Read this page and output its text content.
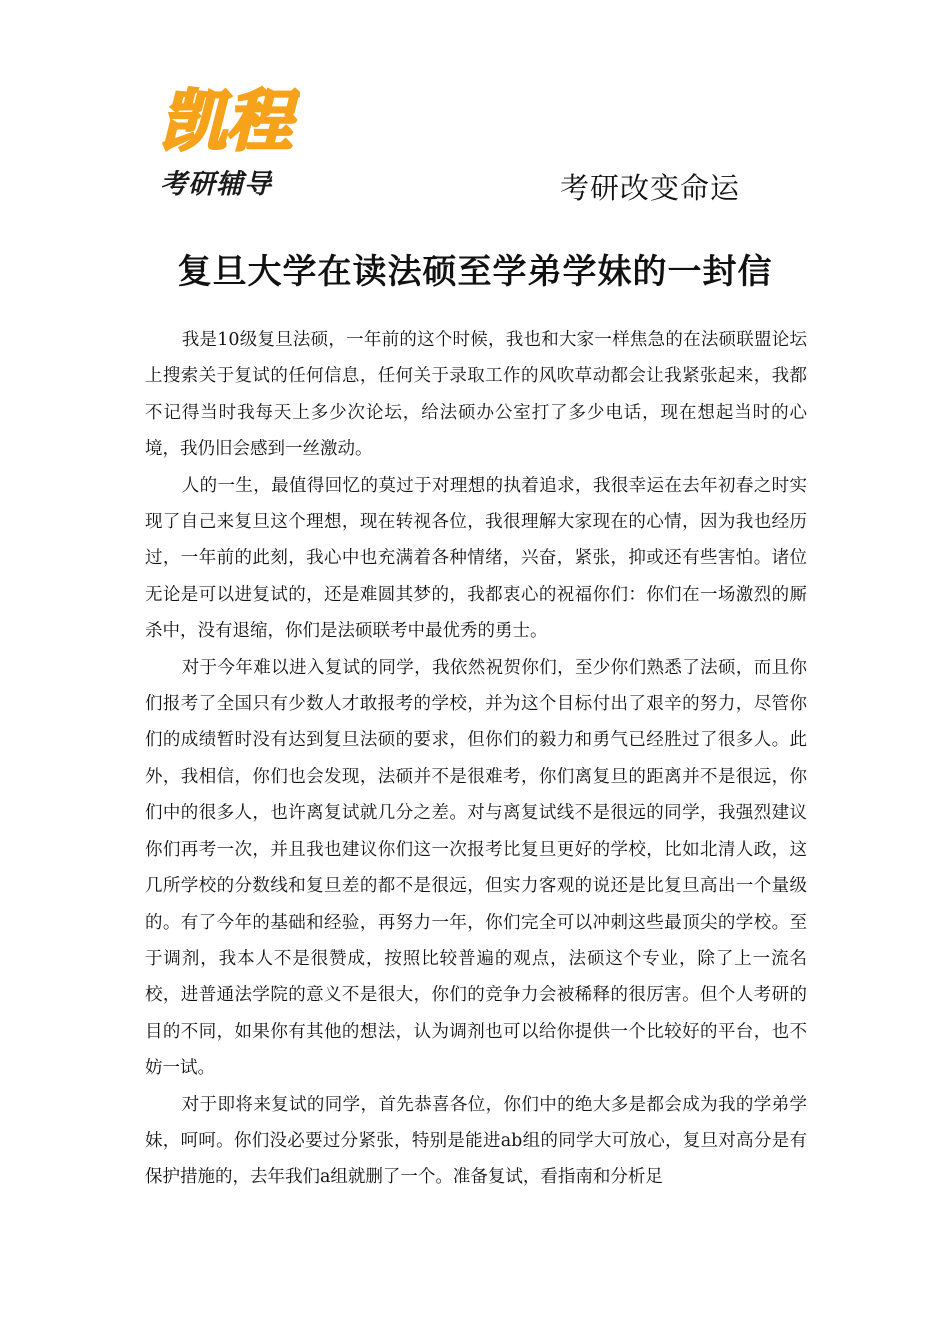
凯程
考研辅导	考研改变命运
复旦大学在读法硕至学弟学妹的一封信

我是10级复旦法硕，一年前的这个时候，我也和大家一样焦急的在法硕联盟论坛上搜索关于复试的任何信息，任何关于录取工作的风吹草动都会让我紧张起来，我都不记得当时我每天上多少次论坛，给法硕办公室打了多少电话，现在想起当时的心境，我仍旧会感到一丝激动。

人的一生，最值得回忆的莫过于对理想的执着追求，我很幸运在去年初春之时实现了自己来复旦这个理想，现在转视各位，我很理解大家现在的心情，因为我也经历过，一年前的此刻，我心中也充满着各种情绪，兴奋，紧张，抑或还有些害怕。诸位无论是可以进复试的，还是难圆其梦的，我都衷心的祝福你们：你们在一场激烈的厮杀中，没有退缩，你们是法硕联考中最优秀的勇士。

对于今年难以进入复试的同学，我依然祝贺你们，至少你们熟悉了法硕，而且你们报考了全国只有少数人才敢报考的学校，并为这个目标付出了艰辛的努力，尽管你们的成绩暂时没有达到复旦法硕的要求，但你们的毅力和勇气已经胜过了很多人。此外，我相信，你们也会发现，法硕并不是很难考，你们离复旦的距离并不是很远，你们中的很多人，也许离复试就几分之差。对与离复试线不是很远的同学，我强烈建议你们再考一次，并且我也建议你们这一次报考比复旦更好的学校，比如北清人政，这几所学校的分数线和复旦差的都不是很远，但实力客观的说还是比复旦高出一个量级的。有了今年的基础和经验，再努力一年，你们完全可以冲刺这些最顶尖的学校。至于调剂，我本人不是很赞成，按照比较普遍的观点，法硕这个专业，除了上一流名校，进普通法学院的意义不是很大，你们的竞争力会被稀释的很厉害。但个人考研的目的不同，如果你有其他的想法，认为调剂也可以给你提供一个比较好的平台，也不妨一试。

对于即将来复试的同学，首先恭喜各位，你们中的绝大多是都会成为我的学弟学妹，呵呵。你们没必要过分紧张，特别是能进ab组的同学大可放心，复旦对高分是有保护措施的，去年我们a组就删了一个。准备复试，看指南和分析足
